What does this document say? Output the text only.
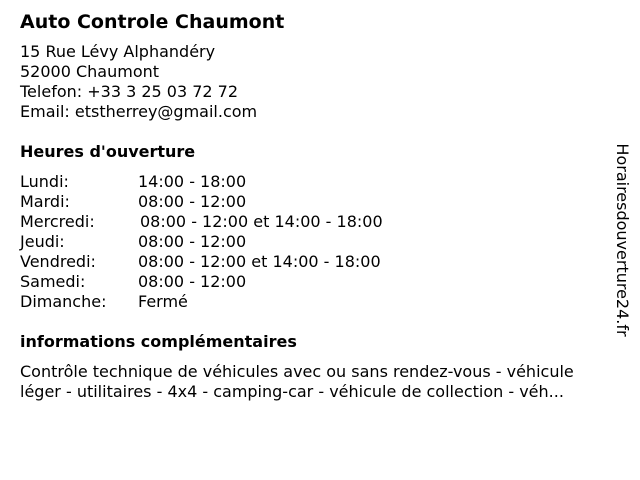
Auto Controle Chaumont
15 Rue Lévy Alphandéry
52000 Chaumont
Telefon: +33 3 25 03 72 72
Email: etstherrey@gmail.com
Heures d'ouverture
Lundi:	14:00 - 18:00
Mardi:	08:00 - 12:00
Mercredi:	08:00 - 12:00 et 14:00 - 18:00
Jeudi:	08:00 - 12:00
Vendredi:	08:00 - 12:00 et 14:00 - 18:00
Samedi:	08:00 - 12:00
Dimanche:	Fermé
informations complémentaires
Contrôle technique de véhicules avec ou sans rendez-vous - véhicule
léger - utilitaires - 4x4 - camping-car - véhicule de collection - véh...
Horairesdouverture24.fr
